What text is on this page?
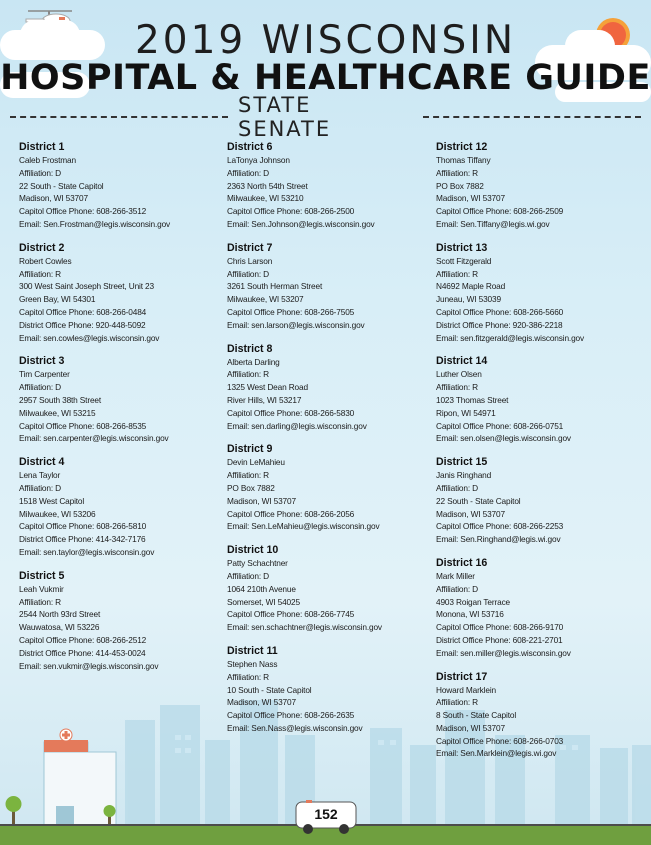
2019 WISCONSIN
HOSPITAL & HEALTHCARE GUIDE
STATE SENATE
District 1
Caleb Frostman
Affiliation: D
22 South - State Capitol
Madison, WI 53707
Capitol Office Phone: 608-266-3512
Email: Sen.Frostman@legis.wisconsin.gov
District 2
Robert Cowles
Affiliation: R
300 West Saint Joseph Street, Unit 23
Green Bay, WI 54301
Capitol Office Phone: 608-266-0484
District Office Phone: 920-448-5092
Email: sen.cowles@legis.wisconsin.gov
District 3
Tim Carpenter
Affiliation: D
2957 South 38th Street
Milwaukee, WI 53215
Capitol Office Phone: 608-266-8535
Email: sen.carpenter@legis.wisconsin.gov
District 4
Lena Taylor
Affiliation: D
1518 West Capitol
Milwaukee, WI 53206
Capitol Office Phone: 608-266-5810
District Office Phone: 414-342-7176
Email: sen.taylor@legis.wisconsin.gov
District 5
Leah Vukmir
Affiliation: R
2544 North 93rd Street
Wauwatosa, WI 53226
Capitol Office Phone: 608-266-2512
District Office Phone: 414-453-0024
Email: sen.vukmir@legis.wisconsin.gov
District 6
LaTonya Johnson
Affiliation: D
2363 North 54th Street
Milwaukee, WI 53210
Capitol Office Phone: 608-266-2500
Email: Sen.Johnson@legis.wisconsin.gov
District 7
Chris Larson
Affiliation: D
3261 South Herman Street
Milwaukee, WI 53207
Capitol Office Phone: 608-266-7505
Email: sen.larson@legis.wisconsin.gov
District 8
Alberta Darling
Affiliation: R
1325 West Dean Road
River Hills, WI 53217
Capitol Office Phone: 608-266-5830
Email: sen.darling@legis.wisconsin.gov
District 9
Devin LeMahieu
Affiliation: R
PO Box 7882
Madison, WI 53707
Capitol Office Phone: 608-266-2056
Email: Sen.LeMahieu@legis.wisconsin.gov
District 10
Patty Schachtner
Affiliation: D
1064 210th Avenue
Somerset, WI 54025
Capitol Office Phone: 608-266-7745
Email: sen.schachtner@legis.wisconsin.gov
District 11
Stephen Nass
Affiliation: R
10 South - State Capitol
Madison, WI 53707
Capitol Office Phone: 608-266-2635
Email: Sen.Nass@legis.wisconsin.gov
District 12
Thomas Tiffany
Affiliation: R
PO Box 7882
Madison, WI 53707
Capitol Office Phone: 608-266-2509
Email: Sen.Tiffany@legis.wi.gov
District 13
Scott Fitzgerald
Affiliation: R
N4692 Maple Road
Juneau, WI 53039
Capitol Office Phone: 608-266-5660
District Office Phone: 920-386-2218
Email: sen.fitzgerald@legis.wisconsin.gov
District 14
Luther Olsen
Affiliation: R
1023 Thomas Street
Ripon, WI 54971
Capitol Office Phone: 608-266-0751
Email: sen.olsen@legis.wisconsin.gov
District 15
Janis Ringhand
Affiliation: D
22 South - State Capitol
Madison, WI 53707
Capitol Office Phone: 608-266-2253
Email: Sen.Ringhand@legis.wi.gov
District 16
Mark Miller
Affiliation: D
4903 Roigan Terrace
Monona, WI 53716
Capitol Office Phone: 608-266-9170
District Office Phone: 608-221-2701
Email: sen.miller@legis.wisconsin.gov
District 17
Howard Marklein
Affiliation: R
8 South - State Capitol
Madison, WI 53707
Capitol Office Phone: 608-266-0703
Email: Sen.Marklein@legis.wi.gov
152
